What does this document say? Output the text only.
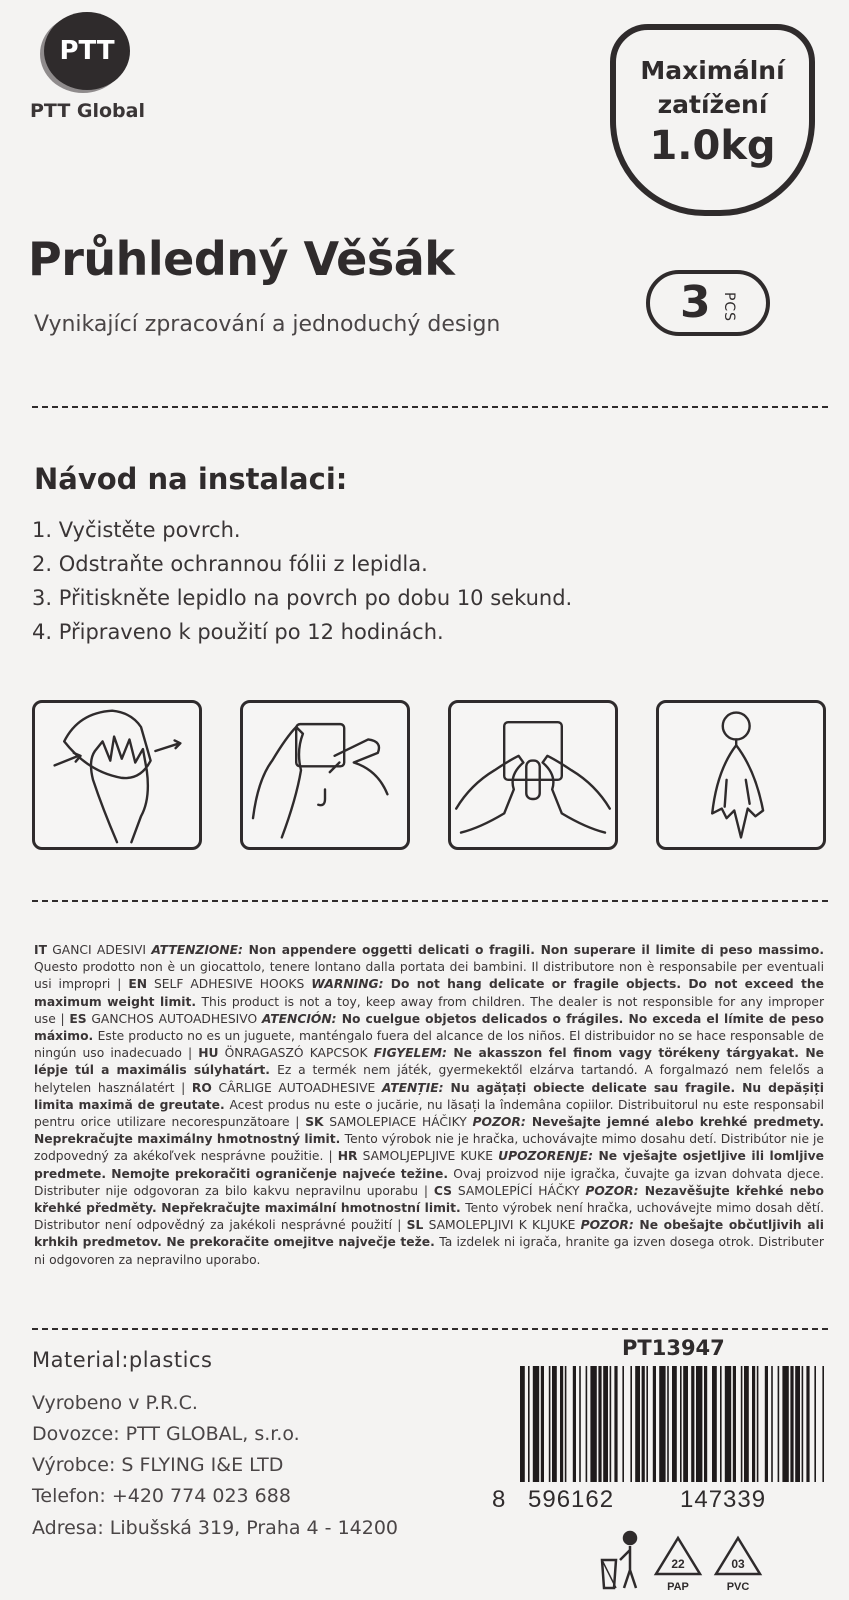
PTT
PTT Global
Maximální
zatížení
1.0kg
Průhledný Věšák
Vynikající zpracování a jednoduchý design	3 PCS
Návod na instalaci:
1. Vyčistěte povrch.
2. Odstraňte ochrannou fólii z lepidla.
3. Přitiskněte lepidlo na povrch po dobu 10 sekund.
4. Připraveno k použití po 12 hodinách.
IT GANCI ADESIVI ATTENZIONE: Non appendere oggetti delicati o fragili. Non superare il limite di peso massimo. Questo prodotto non è un giocattolo, tenere lontano dalla portata dei bambini. Il distributore non è responsabile per eventuali usi impropri | EN SELF ADHESIVE HOOKS WARNING: Do not hang delicate or fragile objects. Do not exceed the maximum weight limit. This product is not a toy, keep away from children. The dealer is not responsible for any improper use | ES GANCHOS AUTOADHESIVO ATENCIÓN: No cuelgue objetos delicados o frágiles. No exceda el límite de peso máximo. Este producto no es un juguete, manténgalo fuera del alcance de los niños. El distribuidor no se hace responsable de ningún uso inadecuado | HU ÖNRAGASZÓ KAPCSOK FIGYELEM: Ne akasszon fel finom vagy törékeny tárgyakat. Ne lépje túl a maximális súlyhatárt. Ez a termék nem játék, gyermekektől elzárva tartandó. A forgalmazó nem felelős a helytelen használatért | RO CÂRLIGE AUTOADHESIVE ATENȚIE: Nu agățați obiecte delicate sau fragile. Nu depășiți limita maximă de greutate. Acest produs nu este o jucărie, nu lăsați la îndemâna copiilor. Distribuitorul nu este responsabil pentru orice utilizare necorespunzătoare | SK SAMOLEPIACE HÁČIKY POZOR: Nevešajte jemné alebo krehké predmety. Neprekračujte maximálny hmotnostný limit. Tento výrobok nie je hračka, uchovávajte mimo dosahu detí. Distribútor nie je zodpovedný za akékoľvek nesprávne použitie. | HR SAMOLJEPLJIVE KUKE UPOZORENJE: Ne vješajte osjetljive ili lomljive predmete. Nemojte prekoračiti ograničenje najveće težine. Ovaj proizvod nije igračka, čuvajte ga izvan dohvata djece. Distributer nije odgovoran za bilo kakvu nepravilnu uporabu | CS SAMOLEPÍCÍ HÁČKY POZOR: Nezavěšujte křehké nebo křehké předměty. Nepřekračujte maximální hmotnostní limit. Tento výrobek není hračka, uchovávejte mimo dosah dětí. Distributor není odpovědný za jakékoli nesprávné použití | SL SAMOLEPLJIVI K KLJUKE POZOR: Ne obešajte občutljivih ali krhkih predmetov. Ne prekoračite omejitve največje teže. Ta izdelek ni igrača, hranite ga izven dosega otrok. Distributer ni odgovoren za nepravilno uporabo.
Material:plastics
Vyrobeno v P.R.C.
Dovozce: PTT GLOBAL, s.r.o.
Výrobce: S FLYING I&E LTD
Telefon: +420 774 023 688
Adresa: Libušská 319, Praha 4 - 14200
PT13947
8 596162	147339
22
PAP
03
PVC
